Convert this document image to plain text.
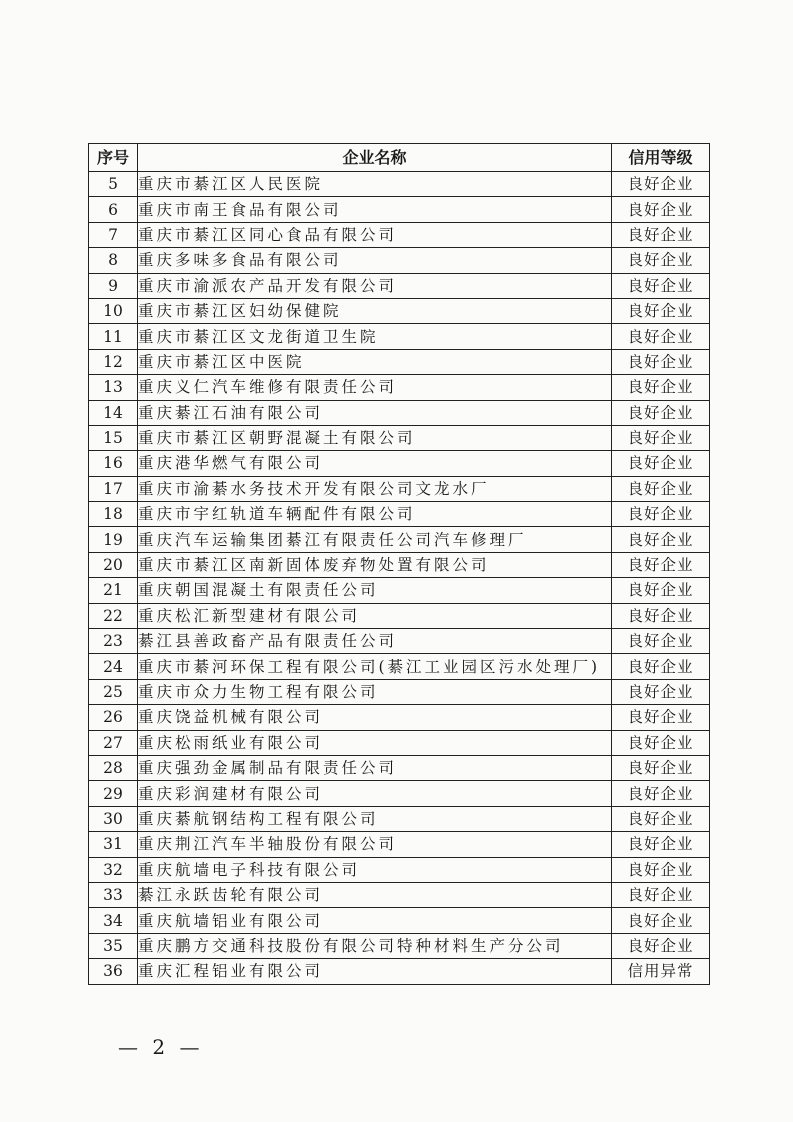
序号	企业名称	信用等级
5	重庆市綦江区人民医院	良好企业
6	重庆市南王食品有限公司	良好企业
7	重庆市綦江区同心食品有限公司	良好企业
8	重庆多味多食品有限公司	良好企业
9	重庆市渝派农产品开发有限公司	良好企业
10	重庆市綦江区妇幼保健院	良好企业
11	重庆市綦江区文龙街道卫生院	良好企业
12	重庆市綦江区中医院	良好企业
13	重庆义仁汽车维修有限责任公司	良好企业
14	重庆綦江石油有限公司	良好企业
15	重庆市綦江区朝野混凝土有限公司	良好企业
16	重庆港华燃气有限公司	良好企业
17	重庆市渝綦水务技术开发有限公司文龙水厂	良好企业
18	重庆市宇红轨道车辆配件有限公司	良好企业
19	重庆汽车运输集团綦江有限责任公司汽车修理厂	良好企业
20	重庆市綦江区南新固体废弃物处置有限公司	良好企业
21	重庆朝国混凝土有限责任公司	良好企业
22	重庆松汇新型建材有限公司	良好企业
23	綦江县善政畜产品有限责任公司	良好企业
24	重庆市綦河环保工程有限公司(綦江工业园区污水处理厂)	良好企业
25	重庆市众力生物工程有限公司	良好企业
26	重庆饶益机械有限公司	良好企业
27	重庆松雨纸业有限公司	良好企业
28	重庆强劲金属制品有限责任公司	良好企业
29	重庆彩润建材有限公司	良好企业
30	重庆綦航钢结构工程有限公司	良好企业
31	重庆荆江汽车半轴股份有限公司	良好企业
32	重庆航墙电子科技有限公司	良好企业
33	綦江永跃齿轮有限公司	良好企业
34	重庆航墙铝业有限公司	良好企业
35	重庆鹏方交通科技股份有限公司特种材料生产分公司	良好企业
36	重庆汇程铝业有限公司	信用异常
— 2 —
